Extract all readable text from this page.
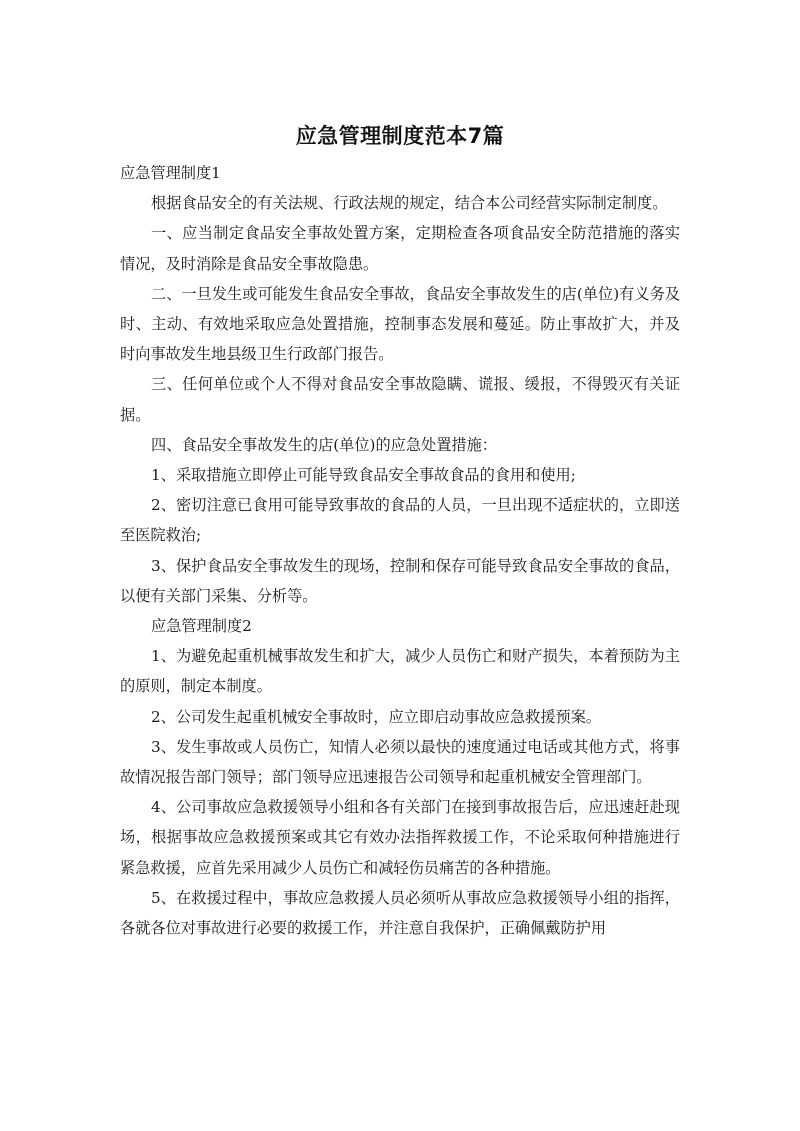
应急管理制度范本7篇

应急管理制度1

根据食品安全的有关法规、行政法规的规定，结合本公司经营实际制定制度。

一、应当制定食品安全事故处置方案，定期检查各项食品安全防范措施的落实情况，及时消除是食品安全事故隐患。

二、一旦发生或可能发生食品安全事故，食品安全事故发生的店(单位)有义务及时、主动、有效地采取应急处置措施，控制事态发展和蔓延。防止事故扩大，并及时向事故发生地县级卫生行政部门报告。

三、任何单位或个人不得对食品安全事故隐瞒、谎报、缓报，不得毁灭有关证据。

四、食品安全事故发生的店(单位)的应急处置措施：

1、采取措施立即停止可能导致食品安全事故食品的食用和使用;

2、密切注意已食用可能导致事故的食品的人员，一旦出现不适症状的，立即送至医院救治;

3、保护食品安全事故发生的现场，控制和保存可能导致食品安全事故的食品，以便有关部门采集、分析等。

应急管理制度2

1、为避免起重机械事故发生和扩大，减少人员伤亡和财产损失，本着预防为主的原则，制定本制度。

2、公司发生起重机械安全事故时，应立即启动事故应急救援预案。

3、发生事故或人员伤亡，知情人必须以最快的速度通过电话或其他方式，将事故情况报告部门领导；部门领导应迅速报告公司领导和起重机械安全管理部门。

4、公司事故应急救援领导小组和各有关部门在接到事故报告后，应迅速赶赴现场，根据事故应急救援预案或其它有效办法指挥救援工作，不论采取何种措施进行紧急救援，应首先采用减少人员伤亡和减轻伤员痛苦的各种措施。

5、在救援过程中，事故应急救援人员必须听从事故应急救援领导小组的指挥，各就各位对事故进行必要的救援工作，并注意自我保护，正确佩戴防护用
